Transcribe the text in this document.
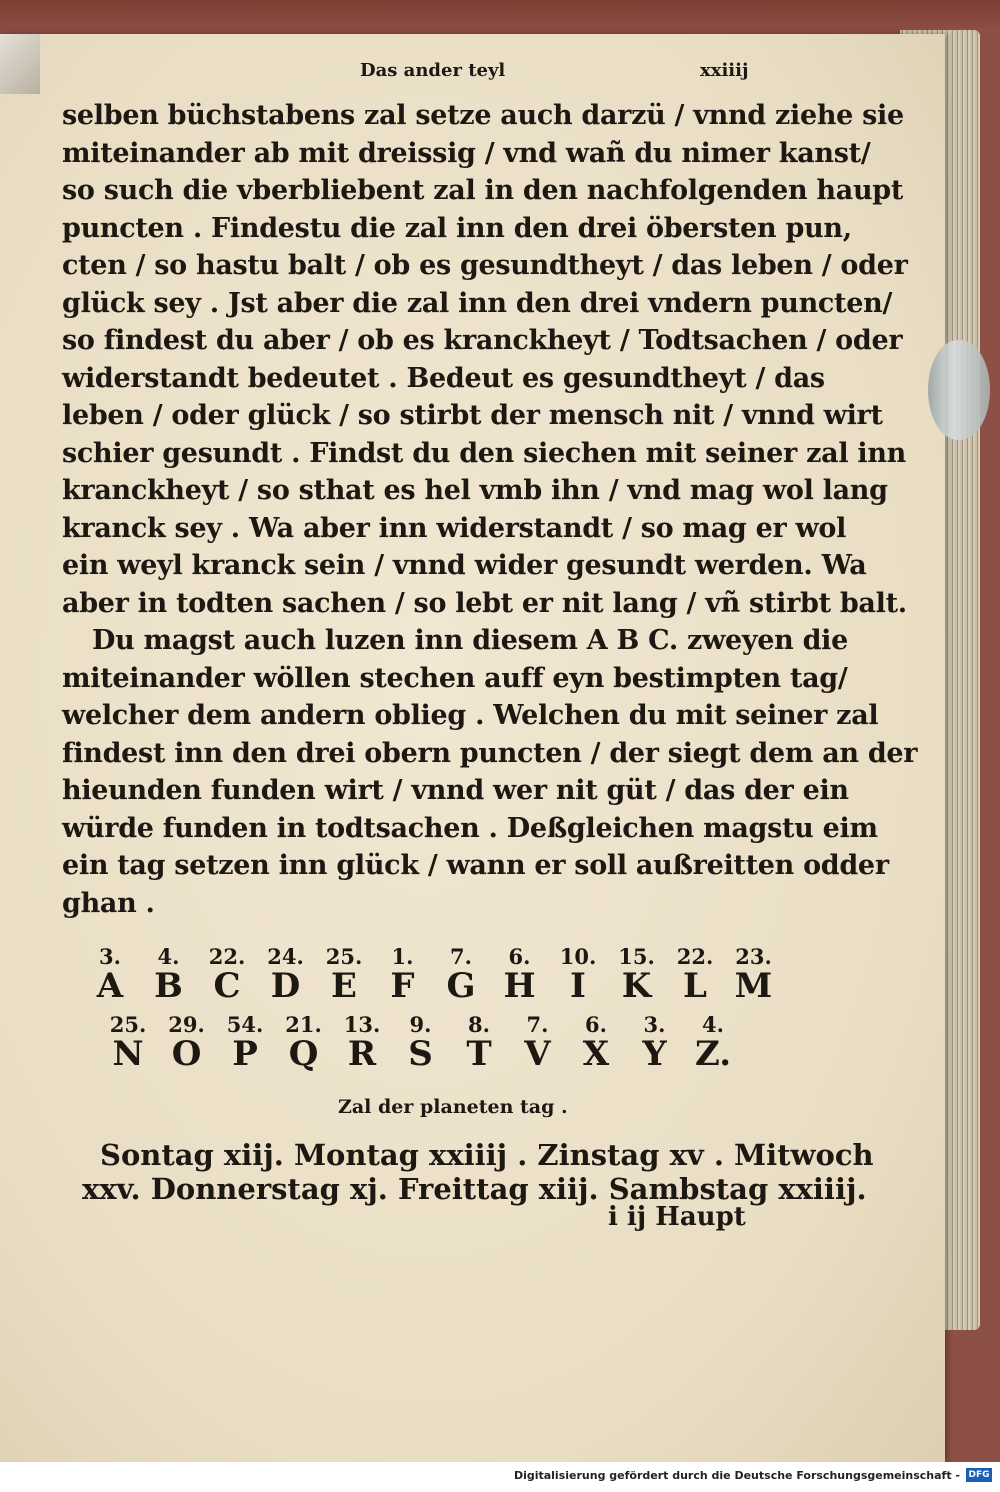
Das ander teyl	xxiiij

selben büchstabens zal setze auch darzü / vnnd ziehe sie

miteinander ab mit dreissig / vnd wañ du nimer kanst/

so such die vberbliebent zal in den nachfolgenden haupt

puncten . Findestu die zal inn den drei öbersten pun,

cten / so hastu balt / ob es gesundtheyt / das leben / oder

glück sey . Jst aber die zal inn den drei vndern puncten/

so findest du aber / ob es kranckheyt / Todtsachen / oder

widerstandt bedeutet . Bedeut es gesundtheyt / das

leben / oder glück / so stirbt der mensch nit / vnnd wirt

schier gesundt . Findst du den siechen mit seiner zal inn

kranckheyt / so sthat es hel vmb ihn / vnd mag wol lang

kranck sey . Wa aber inn widerstandt / so mag er wol

ein weyl kranck sein / vnnd wider gesundt werden. Wa

aber in todten sachen / so lebt er nit lang / vñ stirbt balt.

Du magst auch luzen inn diesem A B C. zweyen die

miteinander wöllen stechen auff eyn bestimpten tag/

welcher dem andern oblieg . Welchen du mit seiner zal

findest inn den drei obern puncten / der siegt dem an der

hieunden funden wirt / vnnd wer nit güt / das der ein

würde funden in todtsachen . Deßgleichen magstu eim

ein tag setzen inn glück / wann er soll außreitten odder

ghan .

3.	4.	22.	24.	25.	1.	7.	6.	10.	15.	22.	23.
A B C D E F G H	I	K L M
25.	29.	54.	21.	13.	9.	8.	7.	6.	3.	4.
N O P Q R S T V X Y Z.

Zal der planeten tag .

Sontag xiij. Montag xxiiij . Zinstag xv . Mitwoch

xxv. Donnerstag xj. Freittag xiij. Sambstag xxiiij.

i ij Haupt

Digitalisierung gefördert durch die Deutsche Forschungsgemeinschaft - DFG
